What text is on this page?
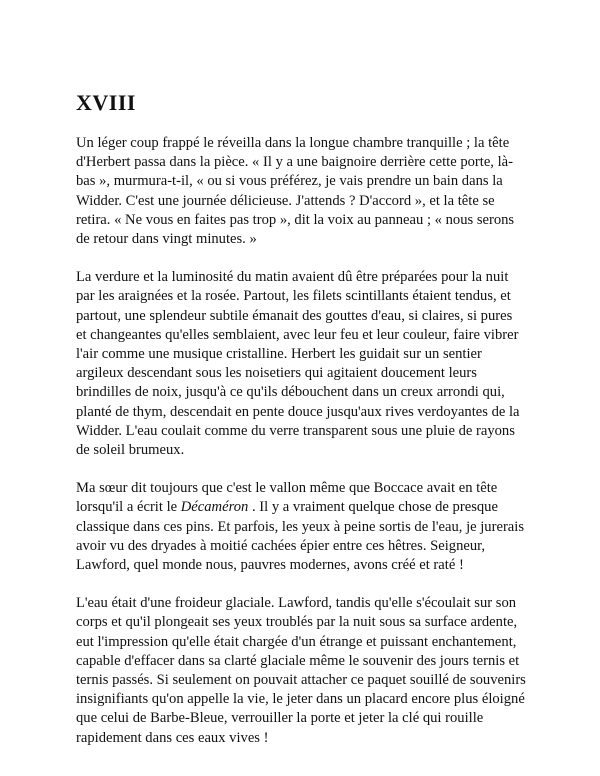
XVIII

Un léger coup frappé le réveilla dans la longue chambre tranquille ; la tête d'Herbert passa dans la pièce. « Il y a une baignoire derrière cette porte, là-bas », murmura-t-il, « ou si vous préférez, je vais prendre un bain dans la Widder. C'est une journée délicieuse. J'attends ? D'accord », et la tête se retira. « Ne vous en faites pas trop », dit la voix au panneau ; « nous serons de retour dans vingt minutes. »

La verdure et la luminosité du matin avaient dû être préparées pour la nuit par les araignées et la rosée. Partout, les filets scintillants étaient tendus, et partout, une splendeur subtile émanait des gouttes d'eau, si claires, si pures et changeantes qu'elles semblaient, avec leur feu et leur couleur, faire vibrer l'air comme une musique cristalline. Herbert les guidait sur un sentier argileux descendant sous les noisetiers qui agitaient doucement leurs brindilles de noix, jusqu'à ce qu'ils débouchent dans un creux arrondi qui, planté de thym, descendait en pente douce jusqu'aux rives verdoyantes de la Widder. L'eau coulait comme du verre transparent sous une pluie de rayons de soleil brumeux.

Ma sœur dit toujours que c'est le vallon même que Boccace avait en tête lorsqu'il a écrit le Décaméron . Il y a vraiment quelque chose de presque classique dans ces pins. Et parfois, les yeux à peine sortis de l'eau, je jurerais avoir vu des dryades à moitié cachées épier entre ces hêtres. Seigneur, Lawford, quel monde nous, pauvres modernes, avons créé et raté !

L'eau était d'une froideur glaciale. Lawford, tandis qu'elle s'écoulait sur son corps et qu'il plongeait ses yeux troublés par la nuit sous sa surface ardente, eut l'impression qu'elle était chargée d'un étrange et puissant enchantement, capable d'effacer dans sa clarté glaciale même le souvenir des jours ternis et ternis passés. Si seulement on pouvait attacher ce paquet souillé de souvenirs insignifiants qu'on appelle la vie, le jeter dans un placard encore plus éloigné que celui de Barbe-Bleue, verrouiller la porte et jeter la clé qui rouille rapidement dans ces eaux vives !
